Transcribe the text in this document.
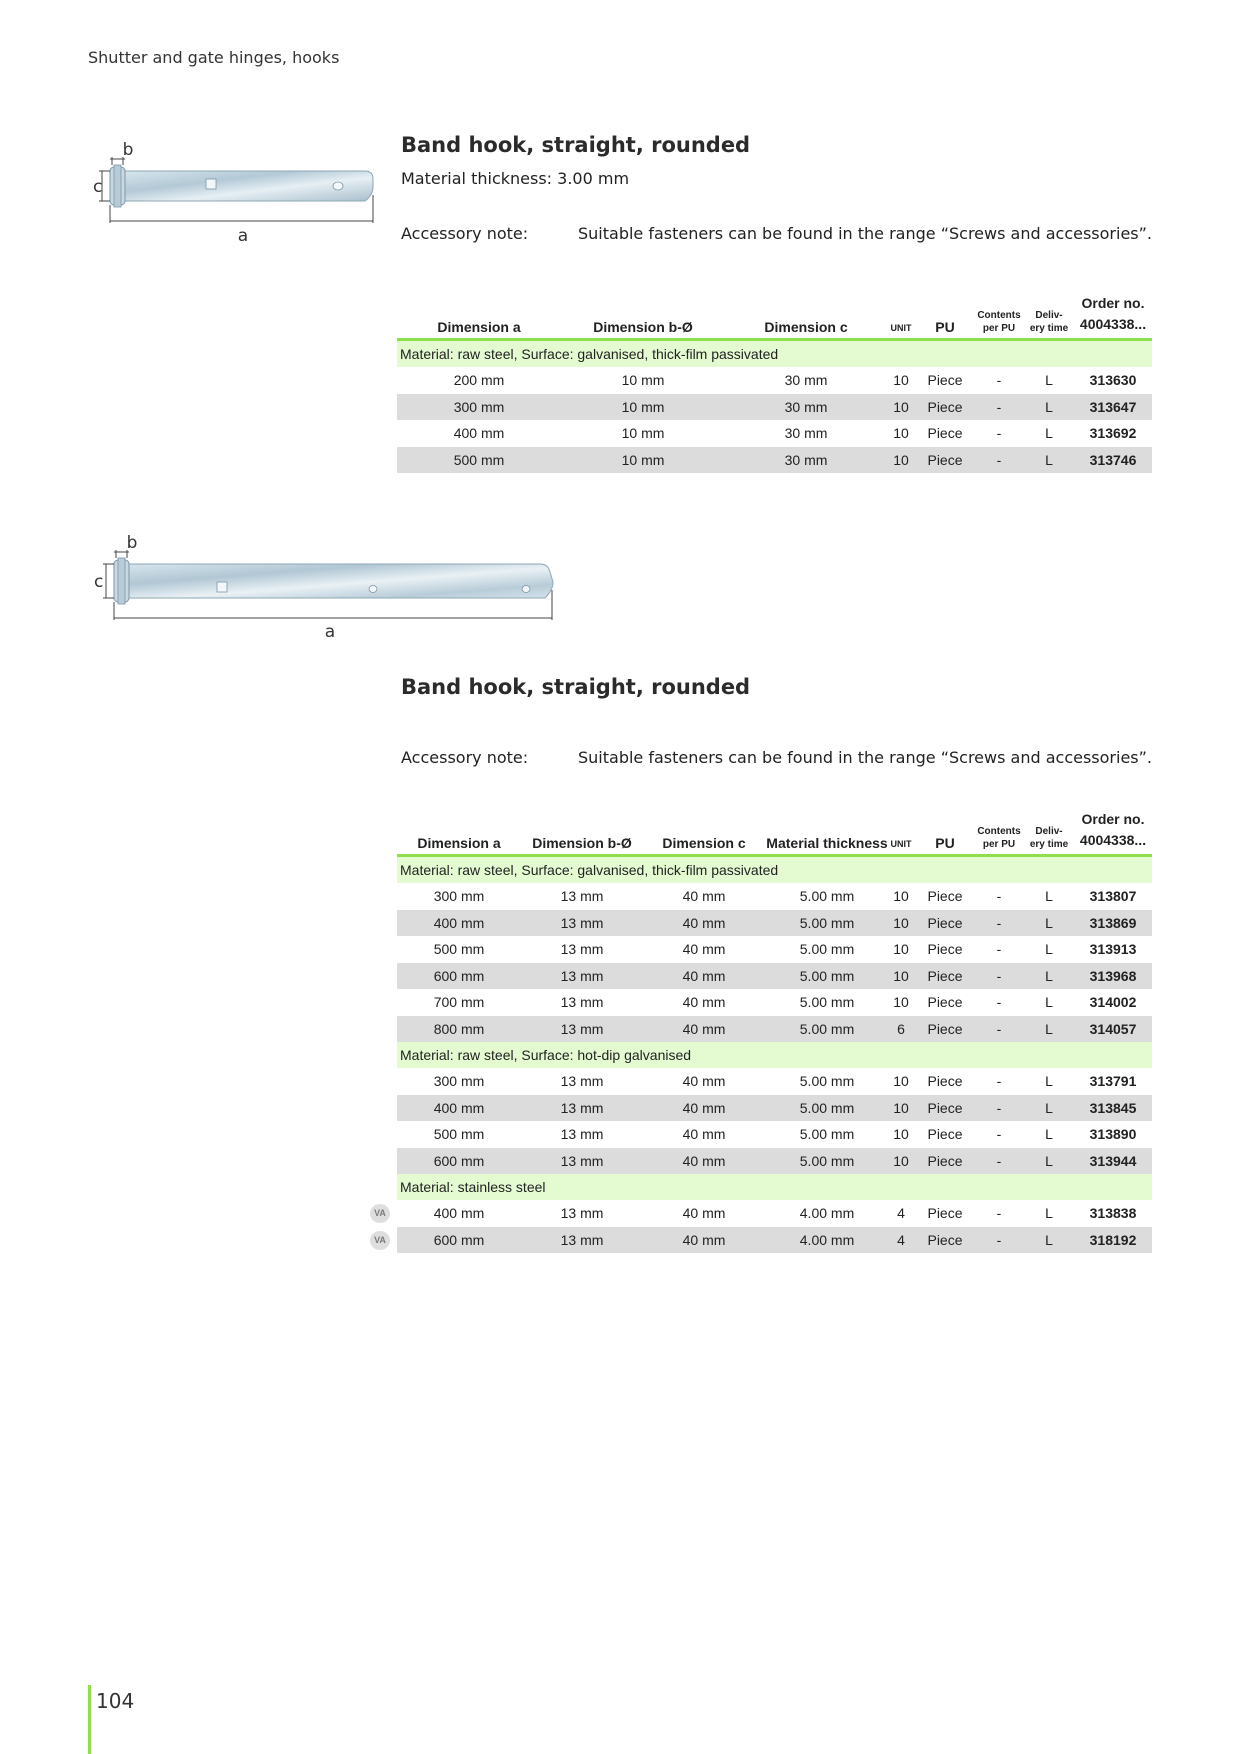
Shutter and gate hinges, hooks
b
c
a
Band hook, straight, rounded
Material thickness: 3.00 mm
Accessory note:	Suitable fasteners can be found in the range “Screws and accessories”.
Dimension a	Dimension b-Ø	Dimension c	UNIT PU
Contents
per PU
Deliv-
ery time
Order no.
4004338...
Material: raw steel, Surface: galvanised, thick-film passivated
200 mm	10 mm	30 mm	10 Piece -	L	313630
300 mm	10 mm	30 mm	10 Piece -	L	313647
400 mm	10 mm	30 mm	10 Piece -	L	313692
500 mm	10 mm	30 mm	10 Piece -	L	313746
b
c
a
Band hook, straight, rounded
Accessory note:	Suitable fasteners can be found in the range “Screws and accessories”.
Dimension a Dimension b-Ø Dimension c Material thickness UNIT PU
Contents
per PU
Deliv-
ery time
Order no.
4004338...
Material: raw steel, Surface: galvanised, thick-film passivated
300 mm	13 mm	40 mm	5.00 mm	10 Piece -	L	313807
400 mm	13 mm	40 mm	5.00 mm	10 Piece -	L	313869
500 mm	13 mm	40 mm	5.00 mm	10 Piece -	L	313913
600 mm	13 mm	40 mm	5.00 mm	10 Piece -	L	313968
700 mm	13 mm	40 mm	5.00 mm	10 Piece -	L	314002
800 mm	13 mm	40 mm	5.00 mm	6 Piece -	L	314057
Material: raw steel, Surface: hot-dip galvanised
300 mm	13 mm	40 mm	5.00 mm	10 Piece -	L	313791
400 mm	13 mm	40 mm	5.00 mm	10 Piece -	L	313845
500 mm	13 mm	40 mm	5.00 mm	10 Piece -	L	313890
600 mm	13 mm	40 mm	5.00 mm	10 Piece -	L	313944
Material: stainless steel
VA	400 mm	13 mm	40 mm	4.00 mm	4 Piece -	L	313838
VA	600 mm	13 mm	40 mm	4.00 mm	4 Piece -	L	318192
104
